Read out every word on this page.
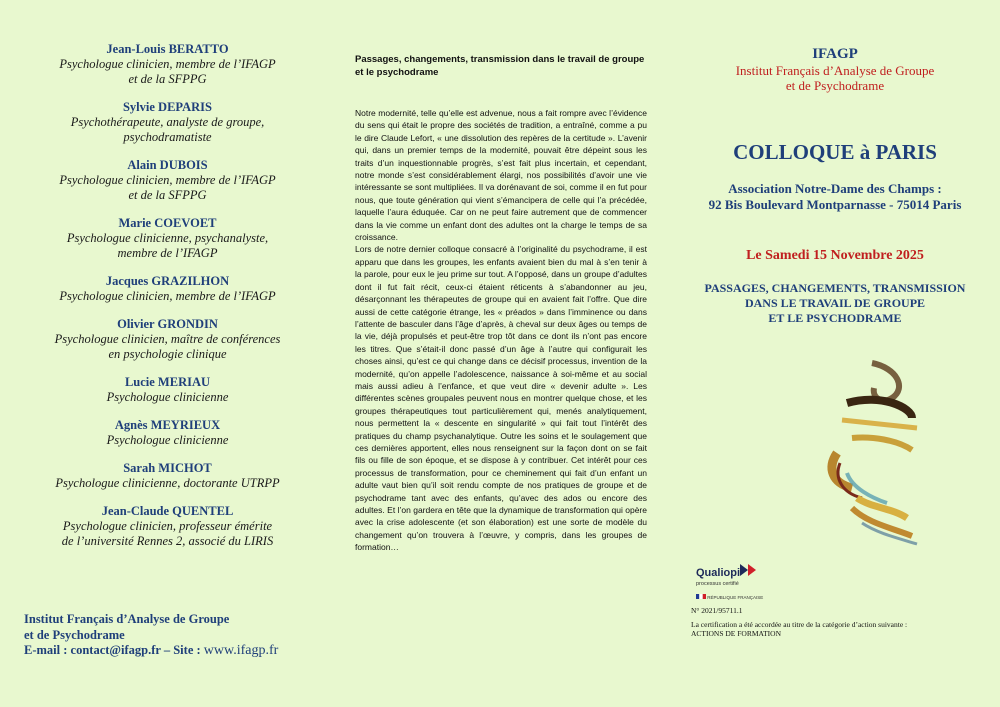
Jean-Louis BERATTO
Psychologue clinicien, membre de l’IFAGP
et de la SFPPG
Sylvie DEPARIS
Psychothérapeute, analyste de groupe,
psychodramatiste
Alain DUBOIS
Psychologue clinicien, membre de l’IFAGP
et de la SFPPG
Marie COEVOET
Psychologue clinicienne, psychanalyste,
membre de l’IFAGP
Jacques GRAZILHON
Psychologue clinicien, membre de l’IFAGP
Olivier GRONDIN
Psychologue clinicien, maître de conférences
en psychologie clinique
Lucie MERIAU
Psychologue clinicienne
Agnès MEYRIEUX
Psychologue clinicienne
Sarah MICHOT
Psychologue clinicienne, doctorante UTRPP
Jean-Claude QUENTEL
Psychologue clinicien, professeur émérite
de l’université Rennes 2, associé du LIRIS
Institut Français d’Analyse de Groupe
et de Psychodrame
E-mail : contact@ifagp.fr – Site : www.ifagp.fr
Passages, changements, transmission dans le travail de groupe et le psychodrame

Notre modernité, telle qu’elle est advenue, nous a fait rompre avec l’évidence du sens qui était le propre des sociétés de tradition, a entraîné, comme a pu le dire Claude Lefort, « une dissolution des repères de la certitude ». L’avenir qui, dans un premier temps de la modernité, pouvait être dépeint sous les traits d’un inquestionnable progrès, s’est fait plus incertain, et cependant, notre monde s’est considérablement élargi, nos possibilités d’avoir une vie intéressante se sont multipliées. Il va dorénavant de soi, comme il en fut pour nous, que toute génération qui vient s’émancipera de celle qui l’a précédée, laquelle l’aura éduquée. Car on ne peut faire autrement que de commencer dans la vie comme un enfant dont des adultes ont la charge le temps de sa croissance.

Lors de notre dernier colloque consacré à l’originalité du psychodrame, il est apparu que dans les groupes, les enfants avaient bien du mal à s’en tenir à la parole, pour eux le jeu prime sur tout. A l’opposé, dans un groupe d’adultes dont il fut fait récit, ceux-ci étaient réticents à s’abandonner au jeu, désarçonnant les thérapeutes de groupe qui en avaient fait l’offre. Que dire aussi de cette catégorie étrange, les « préados » dans l’imminence ou dans l’attente de basculer dans l’âge d’après, à cheval sur deux âges ou temps de la vie, déjà propulsés et peut-être trop tôt dans ce dont ils n’ont pas encore les titres. Que s’était-il donc passé d’un âge à l’autre qui configurait les choses ainsi, qu’est ce qui change dans ce décisif processus, invention de la modernité, qu’on appelle l’adolescence, naissance à soi-même et au social mais aussi adieu à l’enfance, et que veut dire « devenir adulte ». Les différentes scènes groupales peuvent nous en montrer quelque chose, et les groupes thérapeutiques tout particulièrement qui, menés analytiquement, nous permettent la « descente en singularité » qui fait tout l’intérêt des pratiques du champ psychanalytique. Outre les soins et le soulagement que ces dernières apportent, elles nous renseignent sur la façon dont on se fait fils ou fille de son époque, et se dispose à y contribuer. Cet intérêt pour ces processus de transformation, pour ce cheminement qui fait d’un enfant un adulte vaut bien qu’il soit rendu compte de nos pratiques de groupe et de psychodrame tant avec des enfants, qu’avec des ados ou encore des adultes. Et l’on gardera en tête que la dynamique de transformation qui opère avec la crise adolescente (et son élaboration) est une sorte de modèle du changement qu’on trouvera à l’œuvre, y compris, dans les groupes de formation…

IFAGP
Institut Français d’Analyse de Groupe
et de Psychodrame
COLLOQUE à PARIS
Association Notre-Dame des Champs :
92 Bis Boulevard Montparnasse - 75014 Paris
Le Samedi 15 Novembre 2025
PASSAGES, CHANGEMENTS, TRANSMISSION
DANS LE TRAVAIL DE GROUPE
ET LE PSYCHODRAME
Qualiopi
processus certifié
RÉPUBLIQUE FRANÇAISE
N° 2021/95711.1
La certification a été accordée au titre de la catégorie d’action suivante :
ACTIONS DE FORMATION
